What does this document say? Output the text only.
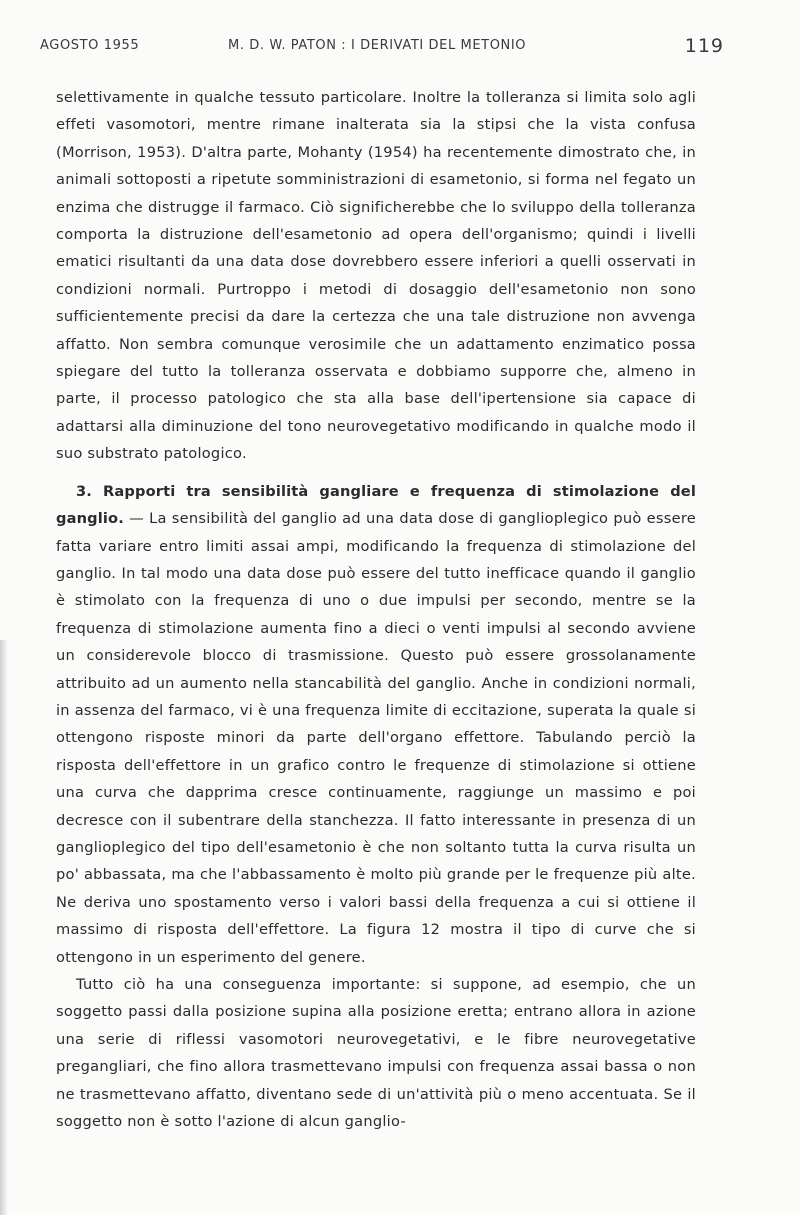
AGOSTO 1955	M. D. W. PATON : I DERIVATI DEL METONIO	119

selettivamente in qualche tessuto particolare. Inoltre la tolleranza si limita solo agli effeti vasomotori, mentre rimane inalterata sia la stipsi che la vista confusa (Morrison, 1953). D'altra parte, Mohanty (1954) ha recentemente dimostrato che, in animali sottoposti a ripetute somministrazioni di esametonio, si forma nel fegato un enzima che distrugge il farmaco. Ciò significherebbe che lo sviluppo della tolleranza comporta la distruzione dell'esametonio ad opera dell'organismo; quindi i livelli ematici risultanti da una data dose dovrebbero essere inferiori a quelli osservati in condizioni normali. Purtroppo i metodi di dosaggio dell'esametonio non sono sufficientemente precisi da dare la certezza che una tale distruzione non avvenga affatto. Non sembra comunque verosimile che un adattamento enzimatico possa spiegare del tutto la tolleranza osservata e dobbiamo supporre che, almeno in parte, il processo patologico che sta alla base dell'ipertensione sia capace di adattarsi alla diminuzione del tono neurovegetativo modificando in qualche modo il suo substrato patologico.

3. Rapporti tra sensibilità gangliare e frequenza di stimolazione del ganglio. — La sensibilità del ganglio ad una data dose di ganglioplegico può essere fatta variare entro limiti assai ampi, modificando la frequenza di stimolazione del ganglio. In tal modo una data dose può essere del tutto inefficace quando il ganglio è stimolato con la frequenza di uno o due impulsi per secondo, mentre se la frequenza di stimolazione aumenta fino a dieci o venti impulsi al secondo avviene un considerevole blocco di trasmissione. Questo può essere grossolanamente attribuito ad un aumento nella stancabilità del ganglio. Anche in condizioni normali, in assenza del farmaco, vi è una frequenza limite di eccitazione, superata la quale si ottengono risposte minori da parte dell'organo effettore. Tabulando perciò la risposta dell'effettore in un grafico contro le frequenze di stimolazione si ottiene una curva che dapprima cresce continuamente, raggiunge un massimo e poi decresce con il subentrare della stanchezza. Il fatto interessante in presenza di un ganglioplegico del tipo dell'esametonio è che non soltanto tutta la curva risulta un po' abbassata, ma che l'abbassamento è molto più grande per le frequenze più alte. Ne deriva uno spostamento verso i valori bassi della frequenza a cui si ottiene il massimo di risposta dell'effettore. La figura 12 mostra il tipo di curve che si ottengono in un esperimento del genere.

Tutto ciò ha una conseguenza importante: si suppone, ad esempio, che un soggetto passi dalla posizione supina alla posizione eretta; entrano allora in azione una serie di riflessi vasomotori neurovegetativi, e le fibre neurovegetative pregangliari, che fino allora trasmettevano impulsi con frequenza assai bassa o non ne trasmettevano affatto, diventano sede di un'attività più o meno accentuata. Se il soggetto non è sotto l'azione di alcun ganglio-
